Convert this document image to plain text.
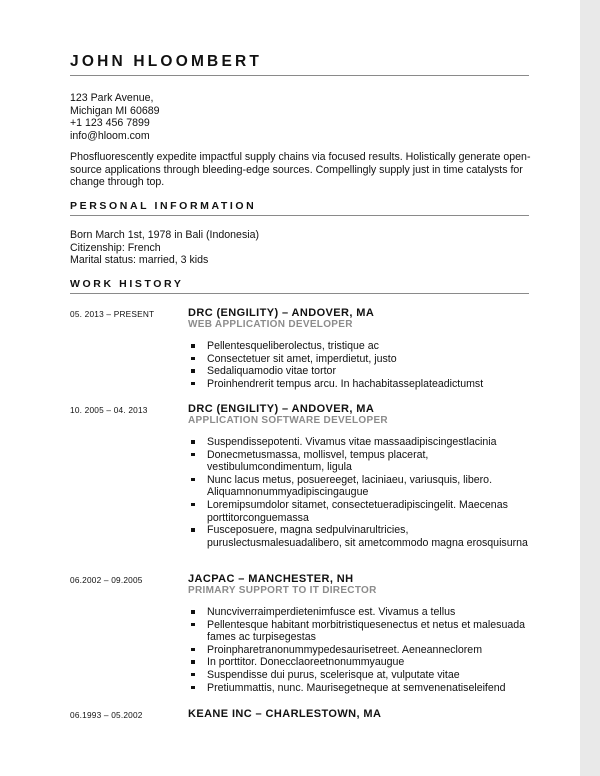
JOHN HLOOMBERT
123 Park Avenue,
Michigan MI 60689
+1 123 456 7899
info@hloom.com
Phosfluorescently expedite impactful supply chains via focused results. Holistically generate open-source applications through bleeding-edge sources. Compellingly supply just in time catalysts for change through top.
PERSONAL INFORMATION
Born March 1st, 1978 in Bali (Indonesia)
Citizenship: French
Marital status: married, 3 kids
WORK HISTORY
05. 2013 – PRESENT	DRC (ENGILITY) – ANDOVER, MA
WEB APPLICATION DEVELOPER
Pellentesqueliberolectus, tristique ac
Consectetuer sit amet, imperdietut, justo
Sedaliquamodio vitae tortor
Proinhendrerit tempus arcu. In hachabitasseplateadictumst
10. 2005 – 04. 2013	DRC (ENGILITY) – ANDOVER, MA
APPLICATION SOFTWARE DEVELOPER
Suspendissepotenti. Vivamus vitae massaadipiscingestlacinia
Donecmetusmassa, mollisvel, tempus placerat, vestibulumcondimentum, ligula
Nunc lacus metus, posuereeget, laciniaeu, variusquis, libero. Aliquamnonummyadipiscingaugue
Loremipsumdolor sitamet, consectetueradipiscingelit. Maecenas porttitorconguemassa
Fusceposuere, magna sedpulvinarultricies, puruslectusmalesuadalibero, sit ametcommodo magna erosquisurna
06.2002 – 09.2005	JACPAC – MANCHESTER, NH
PRIMARY SUPPORT TO IT DIRECTOR
Nuncviverraimperdietenimfusce est. Vivamus a tellus
Pellentesque habitant morbitristiquesenectus et netus et malesuada fames ac turpisegestas
Proinpharetranonummypedesaurisetreet. Aeneanneclorem
In porttitor. Donecclaoreetnonummyaugue
Suspendisse dui purus, scelerisque at, vulputate vitae
Pretiummattis, nunc. Maurisegetneque at semvenenatiseleifend
06.1993 – 05.2002	KEANE INC – CHARLESTOWN, MA
